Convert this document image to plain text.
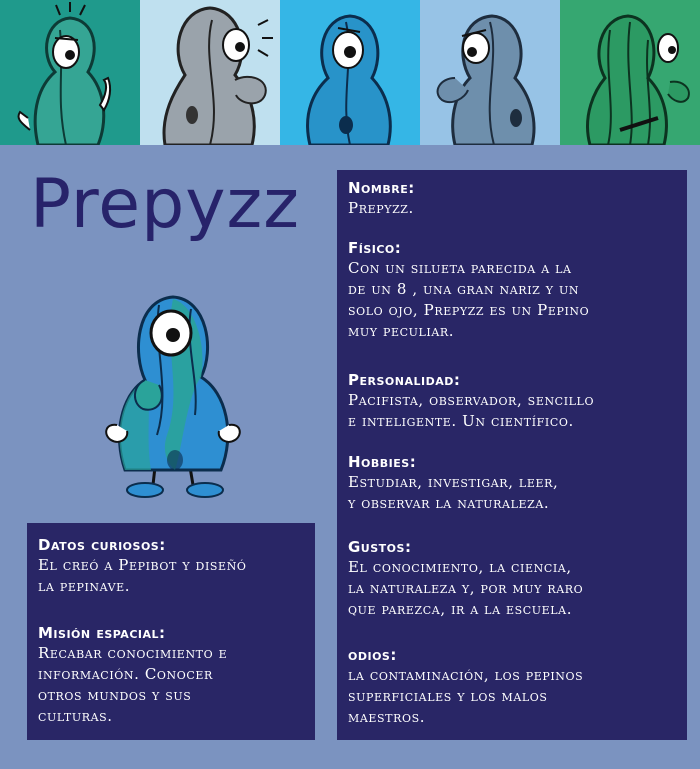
Prepyzz	Nombre:
Prepyzz.
Físico:
Con un silueta parecida a la
de un 8 , una gran nariz y un
solo ojo, Prepyzz es un Pepino
muy peculiar.
Personalidad:
Pacifista, observador, sencillo
e inteligente. Un científico.
Hobbies:
Estudiar, investigar, leer,
y observar la naturaleza.
Gustos:
El conocimiento, la ciencia,
la naturaleza y, por muy raro
que parezca, ir a la escuela.
odios:
la contaminación, los pepinos
superficiales y los malos
maestros.
Datos curiosos:
El creó a Pepibot y diseñó
la pepinave.
Misión espacial:
Recabar conocimiento e
información. Conocer
otros mundos y sus
culturas.
